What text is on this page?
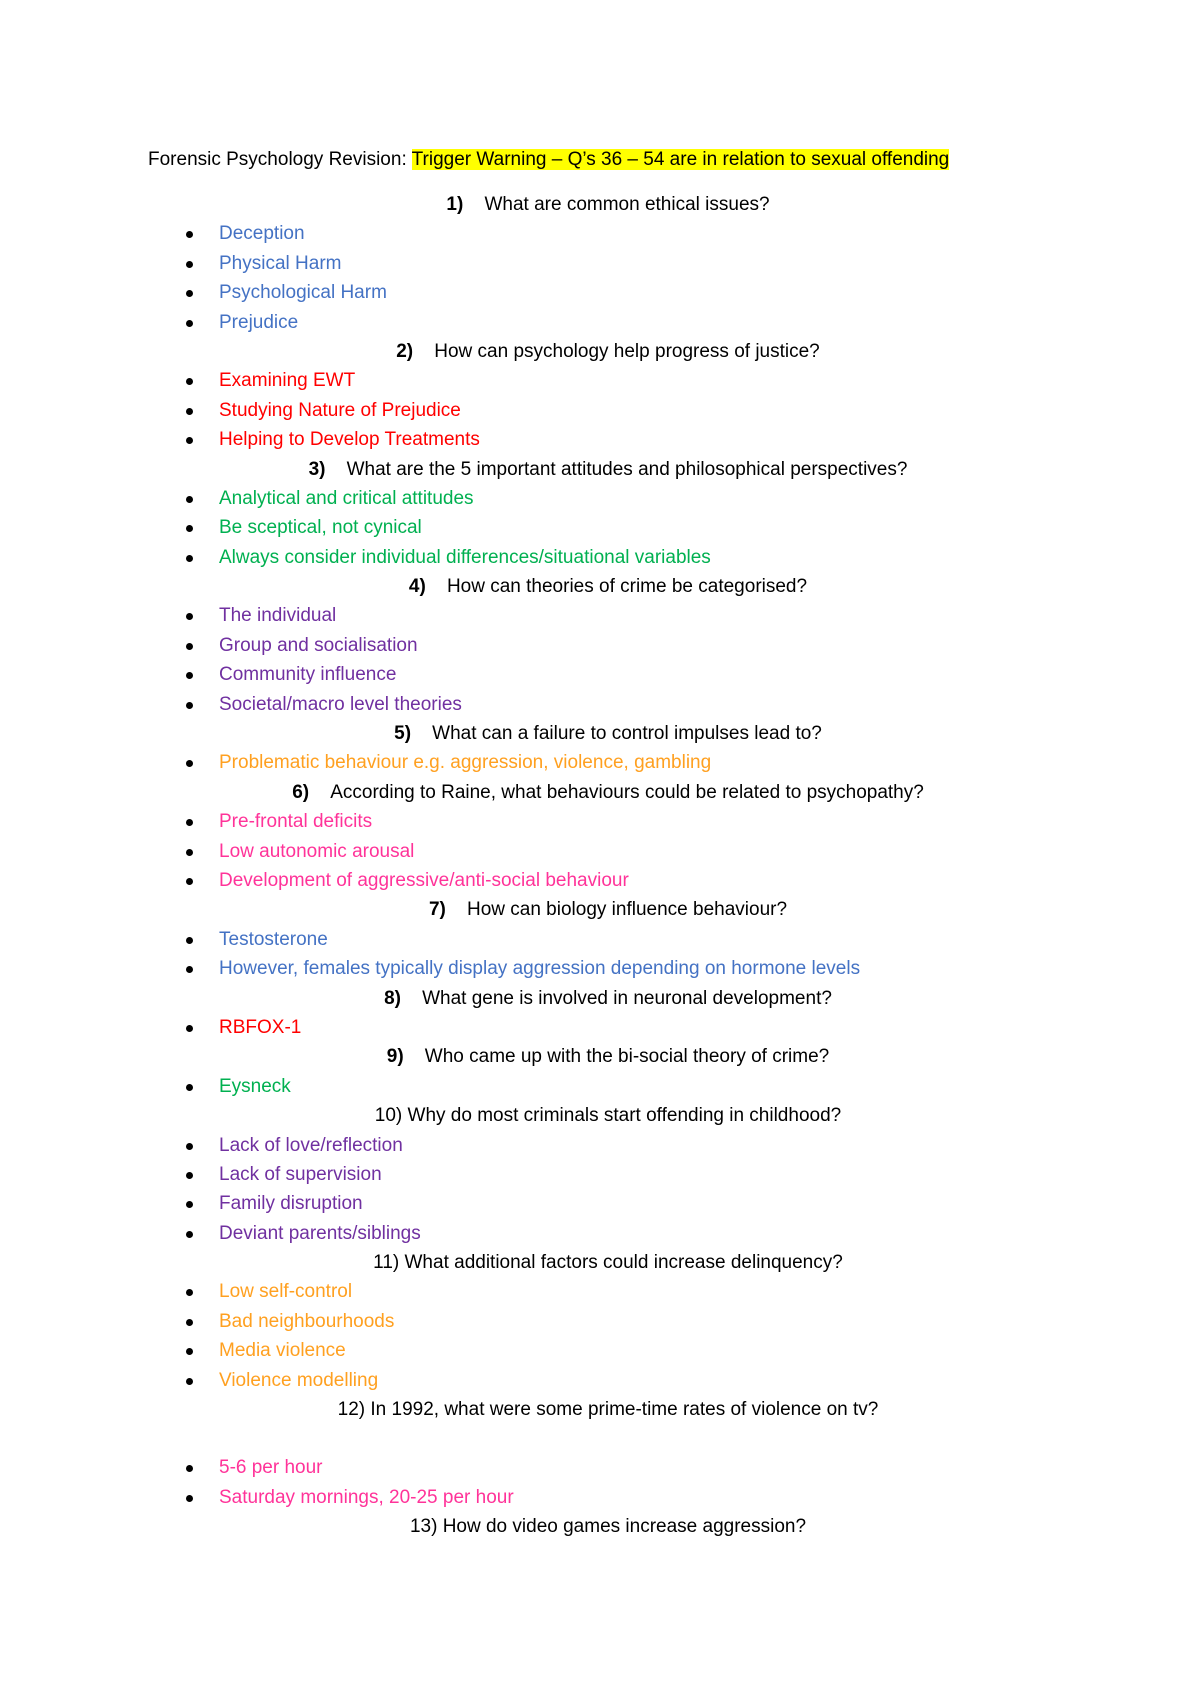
Forensic Psychology Revision: Trigger Warning – Q’s 36 – 54 are in relation to sexual offending
1) What are common ethical issues?
Deception
Physical Harm
Psychological Harm
Prejudice
2) How can psychology help progress of justice?
Examining EWT
Studying Nature of Prejudice
Helping to Develop Treatments
3) What are the 5 important attitudes and philosophical perspectives?
Analytical and critical attitudes
Be sceptical, not cynical
Always consider individual differences/situational variables
4) How can theories of crime be categorised?
The individual
Group and socialisation
Community influence
Societal/macro level theories
5) What can a failure to control impulses lead to?
Problematic behaviour e.g. aggression, violence, gambling
6) According to Raine, what behaviours could be related to psychopathy?
Pre-frontal deficits
Low autonomic arousal
Development of aggressive/anti-social behaviour
7) How can biology influence behaviour?
Testosterone
However, females typically display aggression depending on hormone levels
8) What gene is involved in neuronal development?
RBFOX-1
9) Who came up with the bi-social theory of crime?
Eysneck
10) Why do most criminals start offending in childhood?
Lack of love/reflection
Lack of supervision
Family disruption
Deviant parents/siblings
11) What additional factors could increase delinquency?
Low self-control
Bad neighbourhoods
Media violence
Violence modelling
12) In 1992, what were some prime-time rates of violence on tv?
5-6 per hour
Saturday mornings, 20-25 per hour
13) How do video games increase aggression?
